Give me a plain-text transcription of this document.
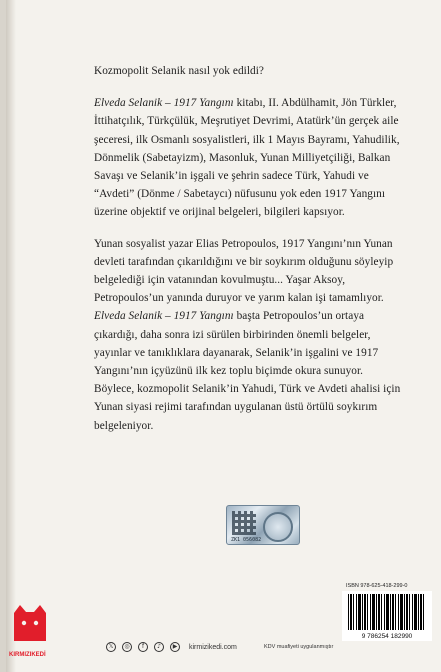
Kozmopolit Selanik nasıl yok edildi?

Elveda Selanik – 1917 Yangını kitabı, II. Abdülhamit, Jön Türkler, İttihatçılık, Türkçülük, Meşrutiyet Devrimi, Atatürk’ün gerçek aile şeceresi, ilk Osmanlı sosyalistleri, ilk 1 Mayıs Bayramı, Yahudilik, Dönmelik (Sabetayizm), Masonluk, Yunan Milliyetçiliği, Balkan Savaşı ve Selanik’in işgali ve şehrin sadece Türk, Yahudi ve “Avdeti” (Dönme / Sabetaycı) nüfusunu yok eden 1917 Yangını üzerine objektif ve orijinal belgeleri, bilgileri kapsıyor.

Yunan sosyalist yazar Elias Petropoulos, 1917 Yangını’nın Yunan devleti tarafından çıkarıldığını ve bir soykırım olduğunu söyleyip belgelediği için vatanından kovulmuştu... Yaşar Aksoy, Petropoulos’un yanında duruyor ve yarım kalan işi tamamlıyor. Elveda Selanik – 1917 Yangını başta Petropoulos’un ortaya çıkardığı, daha sonra izi sürülen birbirinden önemli belgeler, yayınlar ve tanıklıklara dayanarak, Selanik’in işgalini ve 1917 Yangını’nın içyüzünü ilk kez toplu biçimde okura sunuyor. Böylece, kozmopolit Selanik’in Yahudi, Türk ve Avdeti ahalisi için Yunan siyasi rejimi tarafından uygulanan üstü örtülü soykırım belgeleniyor.

ZK1 056082
ISBN 978-625-418-299-0
9 786254 182990
KIRMIZIKEDİ
𝕏	◎	f	♪	▶	kirmizikedi.com	KDV muafiyeti uygulanmıştır
